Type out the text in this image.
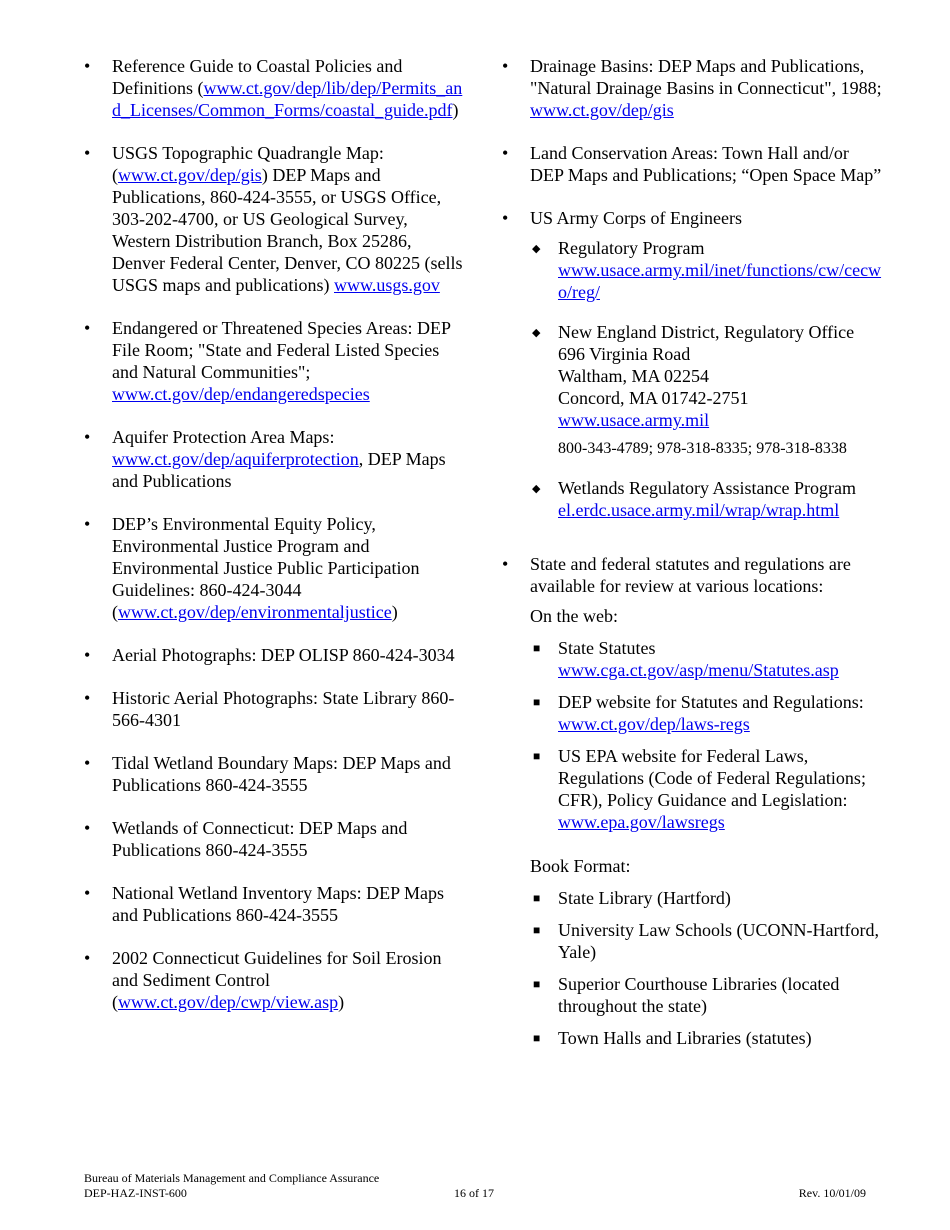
•	Reference Guide to Coastal Policies and Definitions (www.ct.gov/dep/lib/dep/Permits_and_Licenses/Common_Forms/coastal_guide.pdf)
•	USGS Topographic Quadrangle Map: (www.ct.gov/dep/gis) DEP Maps and Publications, 860-424-3555, or USGS Office, 303-202-4700, or US Geological Survey, Western Distribution Branch, Box 25286, Denver Federal Center, Denver, CO 80225 (sells USGS maps and publications) www.usgs.gov
•	Endangered or Threatened Species Areas: DEP File Room; "State and Federal Listed Species and Natural Communities"; www.ct.gov/dep/endangeredspecies
•	Aquifer Protection Area Maps:
www.ct.gov/dep/aquiferprotection, DEP Maps and Publications
•	DEP’s Environmental Equity Policy, Environmental Justice Program and Environmental Justice Public Participation Guidelines: 860-424-3044 (www.ct.gov/dep/environmentaljustice)
•	Aerial Photographs: DEP OLISP 860-424-3034
•	Historic Aerial Photographs: State Library 860-566-4301
•	Tidal Wetland Boundary Maps: DEP Maps and Publications 860-424-3555
•	Wetlands of Connecticut: DEP Maps and Publications 860-424-3555
•	National Wetland Inventory Maps: DEP Maps and Publications 860-424-3555
•	2002 Connecticut Guidelines for Soil Erosion and Sediment Control (www.ct.gov/dep/cwp/view.asp)
•	Drainage Basins: DEP Maps and Publications, "Natural Drainage Basins in Connecticut", 1988; www.ct.gov/dep/gis
•	Land Conservation Areas: Town Hall and/or DEP Maps and Publications; “Open Space Map”
•	US Army Corps of Engineers
◆ Regulatory Program
www.usace.army.mil/inet/functions/cw/cecwo/reg/
◆ New England District, Regulatory Office
696 Virginia Road
Waltham, MA 02254
Concord, MA 01742-2751
www.usace.army.mil
800-343-4789; 978-318-8335; 978-318-8338
◆ Wetlands Regulatory Assistance Program
el.erdc.usace.army.mil/wrap/wrap.html
•	State and federal statutes and regulations are available for review at various locations:
On the web:
■ State Statutes
www.cga.ct.gov/asp/menu/Statutes.asp
■ DEP website for Statutes and Regulations: www.ct.gov/dep/laws-regs
■ US EPA website for Federal Laws, Regulations (Code of Federal Regulations; CFR), Policy Guidance and Legislation: www.epa.gov/lawsregs
Book Format:
■ State Library (Hartford)
■ University Law Schools (UCONN-Hartford, Yale)
■ Superior Courthouse Libraries (located throughout the state)
■ Town Halls and Libraries (statutes)
Bureau of Materials Management and Compliance Assurance
DEP-HAZ-INST-600	16 of 17	Rev. 10/01/09
